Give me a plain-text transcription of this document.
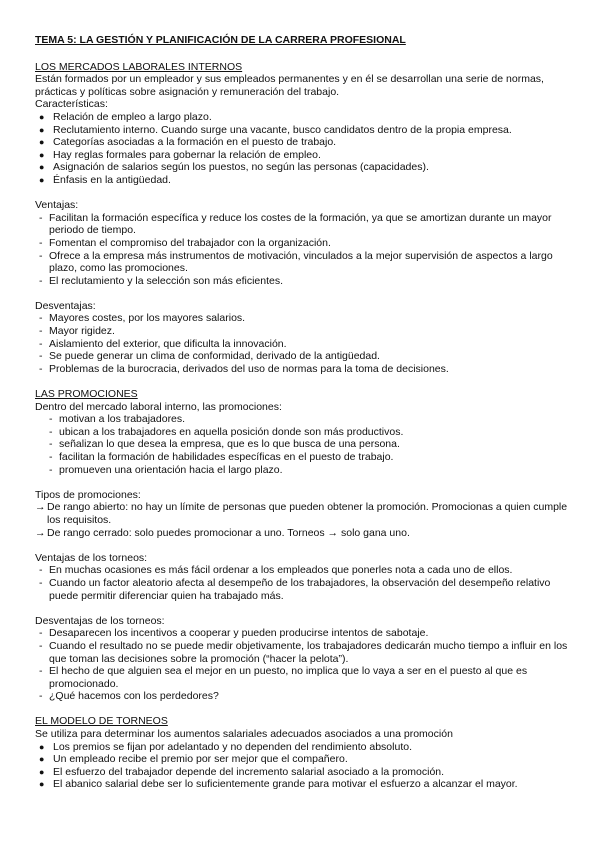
TEMA 5: LA GESTIÓN Y PLANIFICACIÓN DE LA CARRERA PROFESIONAL

LOS MERCADOS LABORALES INTERNOS

Están formados por un empleador y sus empleados permanentes y en él se desarrollan una serie de normas, prácticas y políticas sobre asignación y remuneración del trabajo.

Características:

● Relación de empleo a largo plazo.
● Reclutamiento interno. Cuando surge una vacante, busco candidatos dentro de la propia empresa.
● Categorías asociadas a la formación en el puesto de trabajo.
● Hay reglas formales para gobernar la relación de empleo.
● Asignación de salarios según los puestos, no según las personas (capacidades).
● Énfasis en la antigüedad.

Ventajas:

- Facilitan la formación específica y reduce los costes de la formación, ya que se amortizan durante un mayor periodo de tiempo.
- Fomentan el compromiso del trabajador con la organización.
- Ofrece a la empresa más instrumentos de motivación, vinculados a la mejor supervisión de aspectos a largo plazo, como las promociones.
- El reclutamiento y la selección son más eficientes.

Desventajas:

- Mayores costes, por los mayores salarios.
- Mayor rigidez.
- Aislamiento del exterior, que dificulta la innovación.
- Se puede generar un clima de conformidad, derivado de la antigüedad.
- Problemas de la burocracia, derivados del uso de normas para la toma de decisiones.

LAS PROMOCIONES

Dentro del mercado laboral interno, las promociones:

- motivan a los trabajadores.
- ubican a los trabajadores en aquella posición donde son más productivos.
- señalizan lo que desea la empresa, que es lo que busca de una persona.
- facilitan la formación de habilidades específicas en el puesto de trabajo.
- promueven una orientación hacia el largo plazo.

Tipos de promociones:

→ De rango abierto: no hay un límite de personas que pueden obtener la promoción. Promocionas a quien cumple los requisitos.
→ De rango cerrado: solo puedes promocionar a uno. Torneos → solo gana uno.

Ventajas de los torneos:

- En muchas ocasiones es más fácil ordenar a los empleados que ponerles nota a cada uno de ellos.
- Cuando un factor aleatorio afecta al desempeño de los trabajadores, la observación del desempeño relativo puede permitir diferenciar quien ha trabajado más.

Desventajas de los torneos:

- Desaparecen los incentivos a cooperar y pueden producirse intentos de sabotaje.
- Cuando el resultado no se puede medir objetivamente, los trabajadores dedicarán mucho tiempo a influir en los que toman las decisiones sobre la promoción (“hacer la pelota”).
- El hecho de que alguien sea el mejor en un puesto, no implica que lo vaya a ser en el puesto al que es promocionado.
- ¿Qué hacemos con los perdedores?

EL MODELO DE TORNEOS

Se utiliza para determinar los aumentos salariales adecuados asociados a una promoción

● Los premios se fijan por adelantado y no dependen del rendimiento absoluto.
● Un empleado recibe el premio por ser mejor que el compañero.
● El esfuerzo del trabajador depende del incremento salarial asociado a la promoción.
● El abanico salarial debe ser lo suficientemente grande para motivar el esfuerzo a alcanzar el mayor.
